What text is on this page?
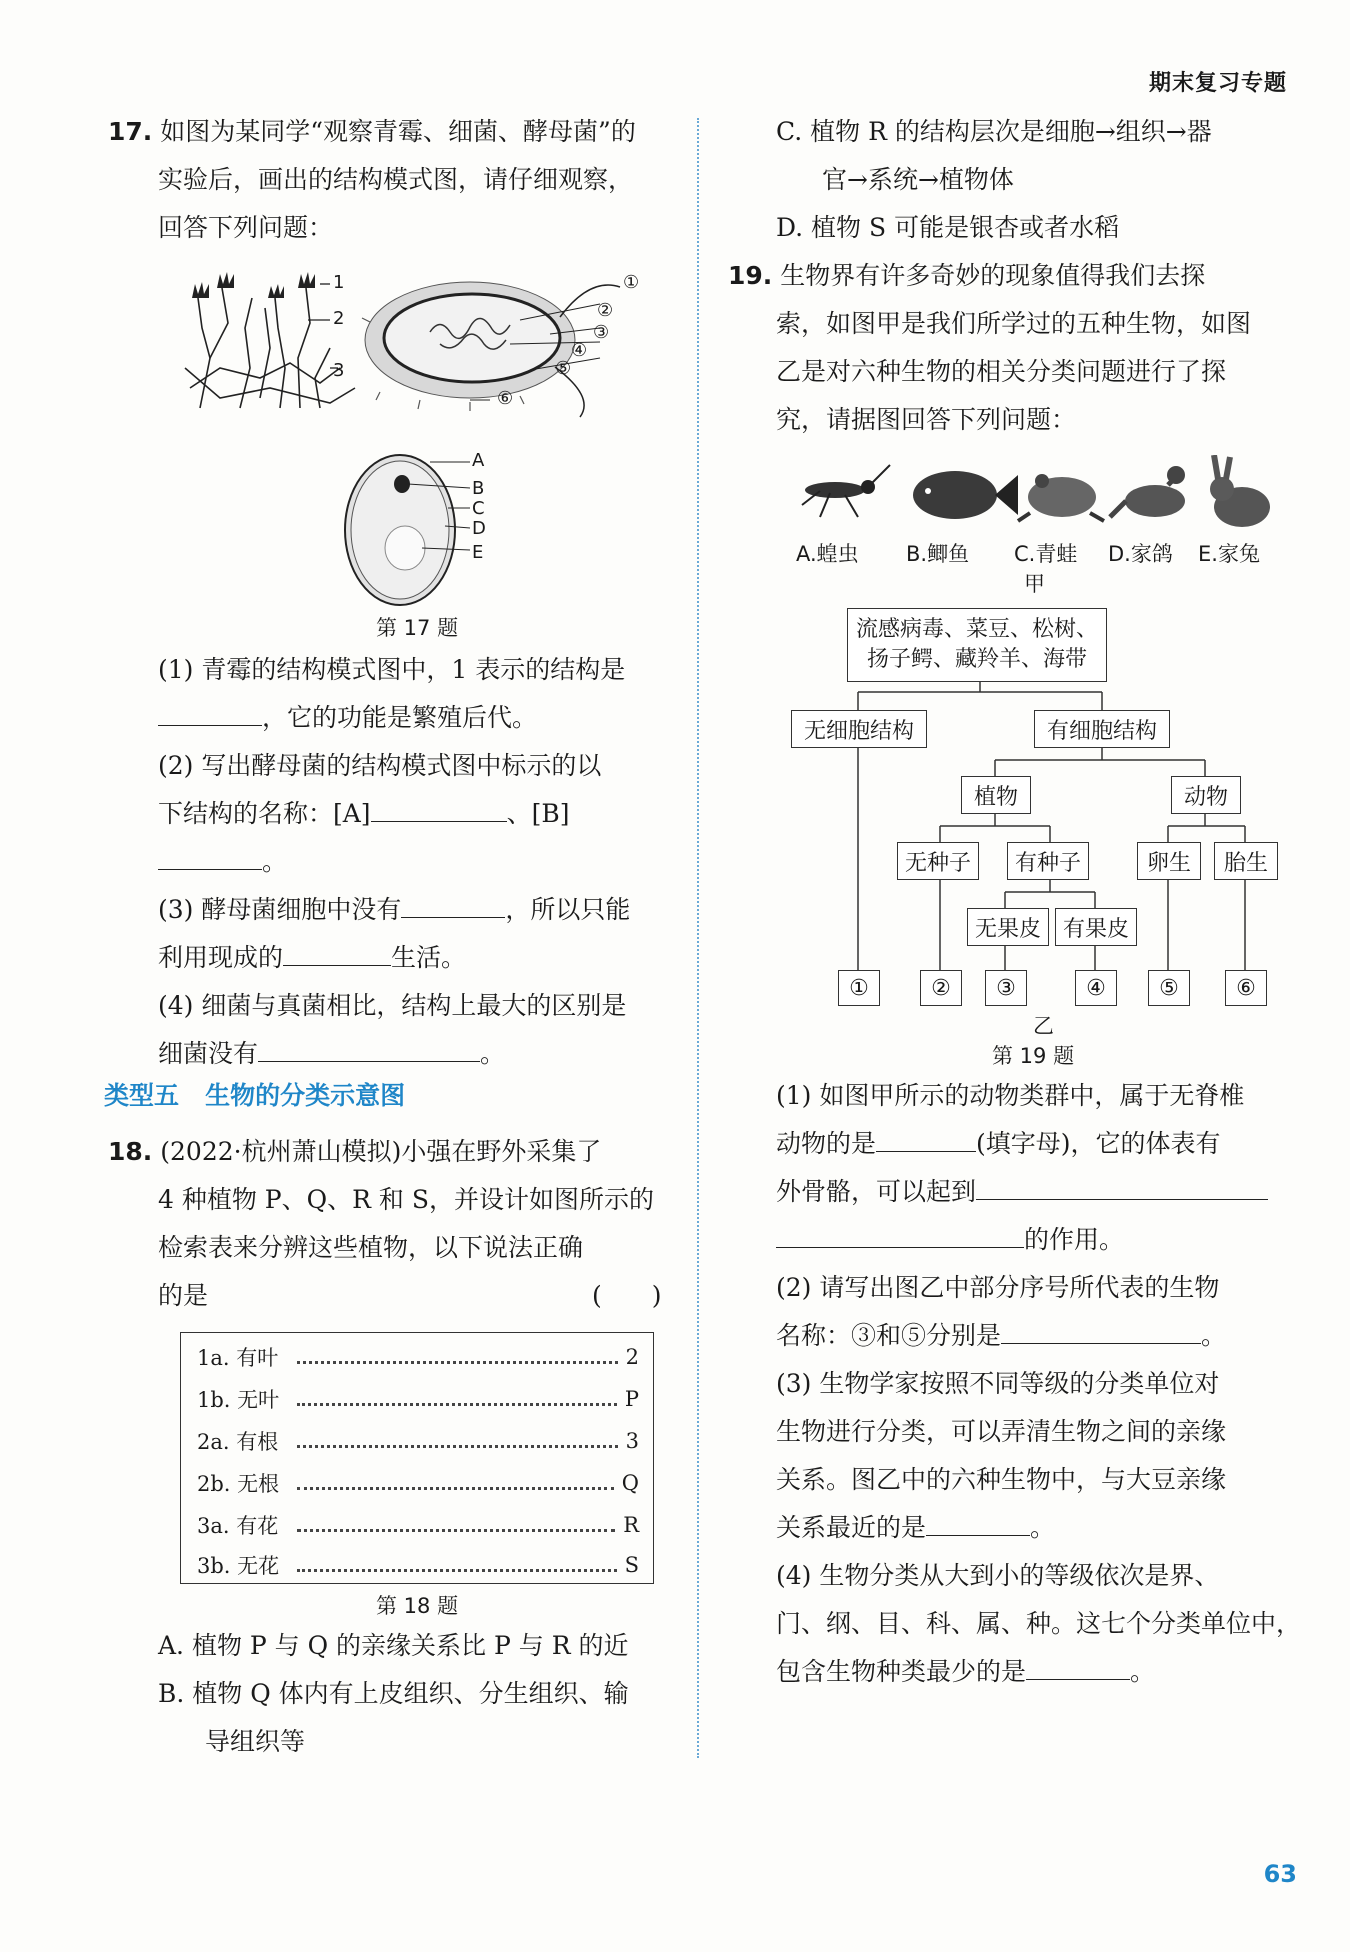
期末复习专题
17. 如图为某同学“观察青霉、细菌、酵母菌”的
实验后，画出的结构模式图，请仔细观察，
回答下列问题：
1
2
3
①
②
③
④
⑤
⑥
A
B
C
D
E
第 17 题
(1) 青霉的结构模式图中，1 表示的结构是
，它的功能是繁殖后代。
(2) 写出酵母菌的结构模式图中标示的以
下结构的名称：[A]	、[B]
。
(3) 酵母菌细胞中没有	，所以只能
利用现成的	生活。
(4) 细菌与真菌相比，结构上最大的区别是
细菌没有	。
类型五 生物的分类示意图
18. (2022·杭州萧山模拟)小强在野外采集了
4 种植物 P、Q、R 和 S，并设计如图所示的
检索表来分辨这些植物，以下说法正确
的是	(　　)
1a. 有叶	2
1b. 无叶	P
2a. 有根	3
2b. 无根	Q
3a. 有花	R
3b. 无花	S
第 18 题
A. 植物 P 与 Q 的亲缘关系比 P 与 R 的近
B. 植物 Q 体内有上皮组织、分生组织、输
导组织等
C. 植物 R 的结构层次是细胞→组织→器
官→系统→植物体
D. 植物 S 可能是银杏或者水稻
19. 生物界有许多奇妙的现象值得我们去探
索，如图甲是我们所学过的五种生物，如图
乙是对六种生物的相关分类问题进行了探
究，请据图回答下列问题：
A.蝗虫 B.鲫鱼 C.青蛙 D.家鸽 E.家兔
甲
流感病毒、菜豆、松树、
扬子鳄、藏羚羊、海带
无细胞结构	有细胞结构
植物	动物
无种子	有种子	卵生	胎生
无果皮 有果皮
①	②	③	④	⑤	⑥
乙
第 19 题
(1) 如图甲所示的动物类群中，属于无脊椎
动物的是	(填字母)，它的体表有
外骨骼，可以起到
的作用。
(2) 请写出图乙中部分序号所代表的生物
名称：③和⑤分别是	。
(3) 生物学家按照不同等级的分类单位对
生物进行分类，可以弄清生物之间的亲缘
关系。图乙中的六种生物中，与大豆亲缘
关系最近的是	。
(4) 生物分类从大到小的等级依次是界、
门、纲、目、科、属、种。这七个分类单位中，
包含生物种类最少的是	。
63
